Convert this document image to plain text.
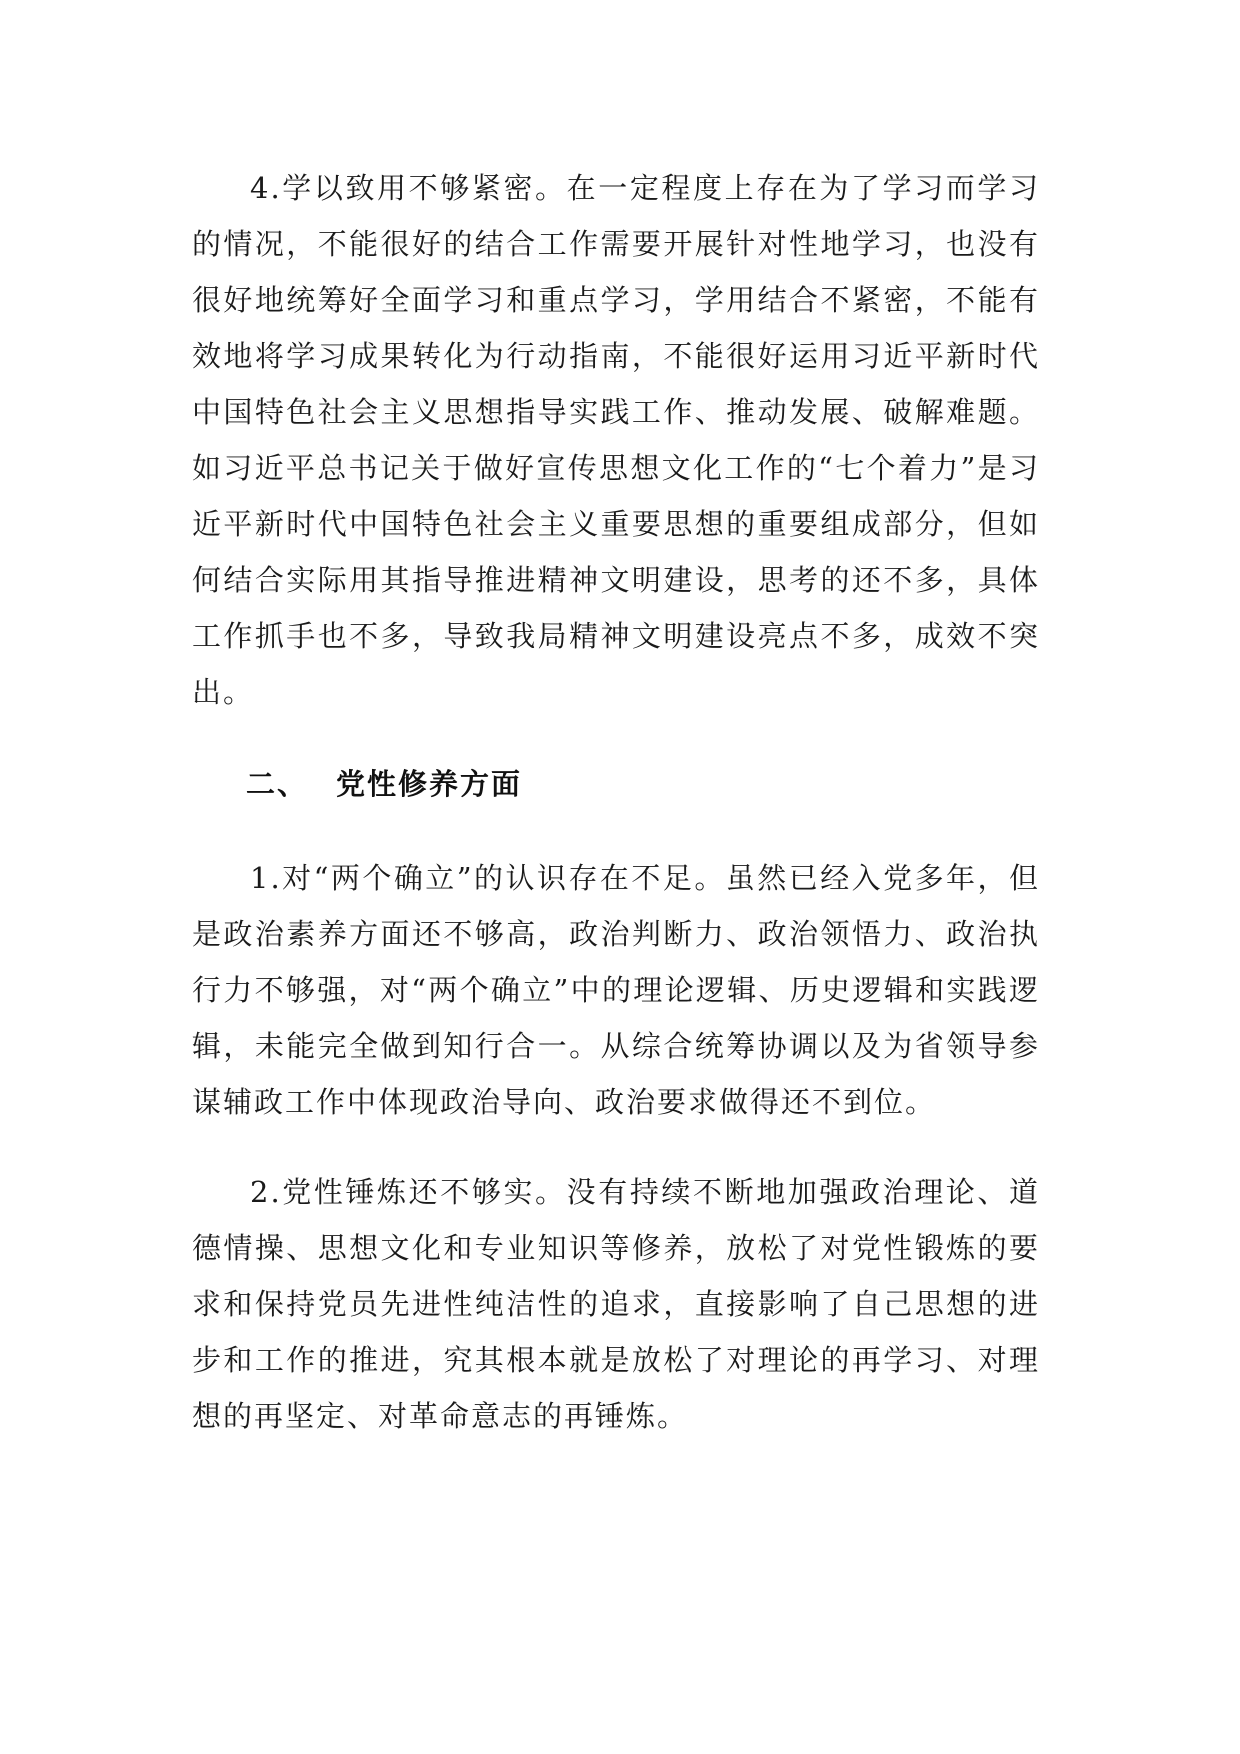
4.学以致用不够紧密。在一定程度上存在为了学习而学习的情况，不能很好的结合工作需要开展针对性地学习，也没有很好地统筹好全面学习和重点学习，学用结合不紧密，不能有效地将学习成果转化为行动指南，不能很好运用习近平新时代中国特色社会主义思想指导实践工作、推动发展、破解难题。如习近平总书记关于做好宣传思想文化工作的“七个着力”是习近平新时代中国特色社会主义重要思想的重要组成部分，但如何结合实际用其指导推进精神文明建设，思考的还不多，具体工作抓手也不多，导致我局精神文明建设亮点不多，成效不突出。

二、 党性修养方面

1.对“两个确立”的认识存在不足。虽然已经入党多年，但是政治素养方面还不够高，政治判断力、政治领悟力、政治执行力不够强，对“两个确立”中的理论逻辑、历史逻辑和实践逻辑，未能完全做到知行合一。从综合统筹协调以及为省领导参谋辅政工作中体现政治导向、政治要求做得还不到位。

2.党性锤炼还不够实。没有持续不断地加强政治理论、道德情操、思想文化和专业知识等修养，放松了对党性锻炼的要求和保持党员先进性纯洁性的追求，直接影响了自己思想的进步和工作的推进，究其根本就是放松了对理论的再学习、对理想的再坚定、对革命意志的再锤炼。
